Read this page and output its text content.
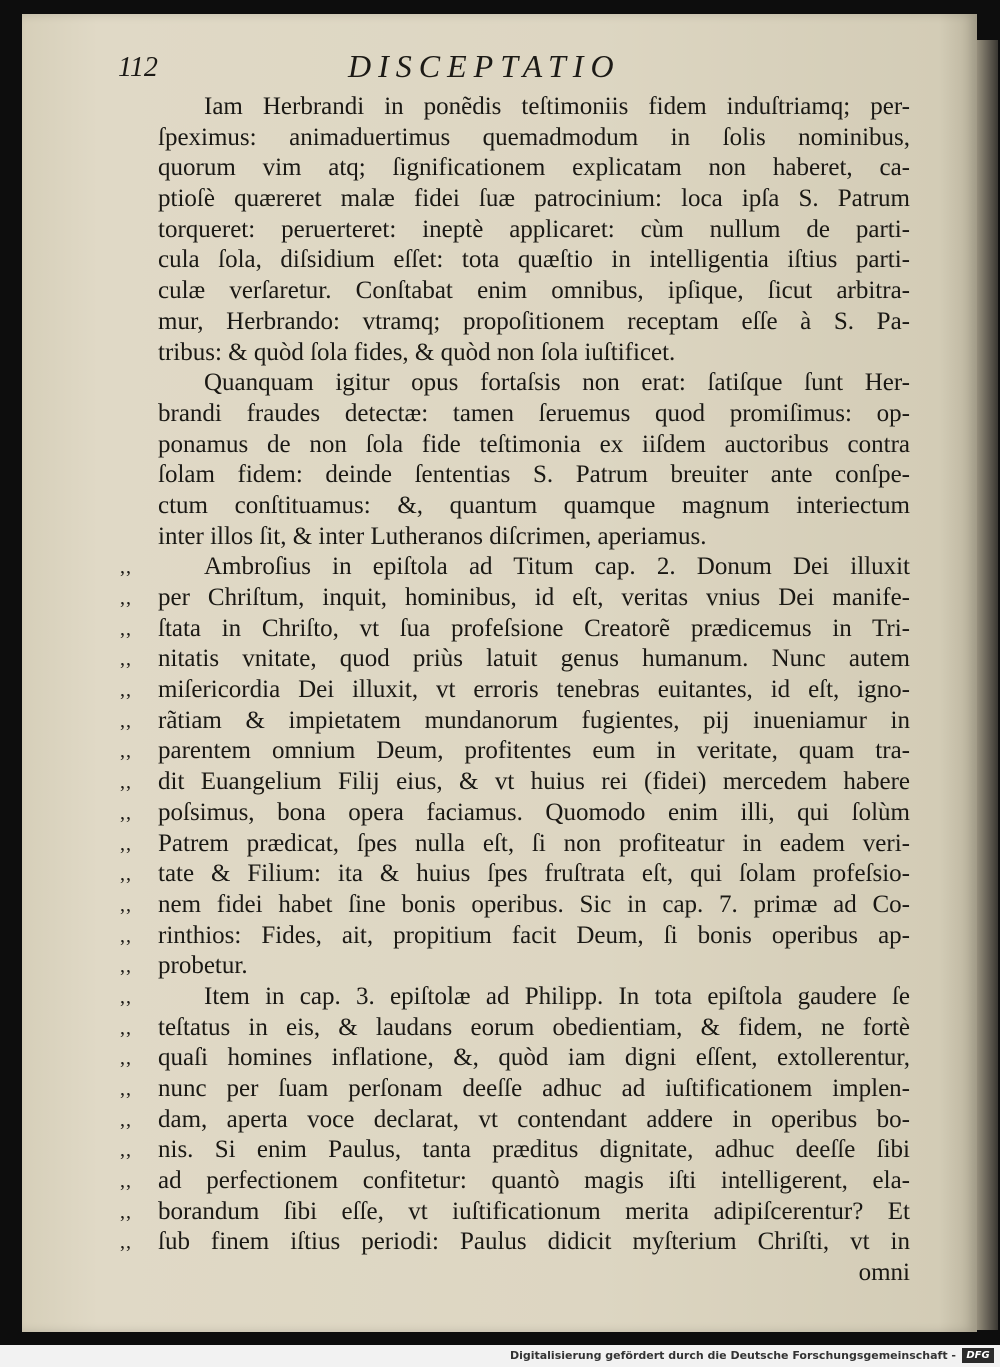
112	DISCEPTATIO
Iam Herbrandi in ponẽdis teſtimoniis fidem induſtriamq; per-
ſpeximus: animaduertimus quemadmodum in ſolis nominibus,
quorum vim atq; ſignificationem explicatam non haberet, ca-
ptioſè quæreret malæ fidei ſuæ patrocinium: loca ipſa S. Patrum
torqueret: peruerteret: ineptè applicaret: cùm nullum de parti-
cula ſola, diſsidium eſſet: tota quæſtio in intelligentia iſtius parti-
culæ verſaretur. Conſtabat enim omnibus, ipſique, ſicut arbitra-
mur, Herbrando: vtramq; propoſitionem receptam eſſe à S. Pa-
tribus: & quòd ſola fides, & quòd non ſola iuſtificet.
Quanquam igitur opus fortaſsis non erat: ſatiſque ſunt Her-
brandi fraudes detectæ: tamen ſeruemus quod promiſimus: op-
ponamus de non ſola fide teſtimonia ex iiſdem auctoribus contra
ſolam fidem: deinde ſententias S. Patrum breuiter ante conſpe-
ctum conſtituamus: &, quantum quamque magnum interiectum
inter illos ſit, & inter Lutheranos diſcrimen, aperiamus.
,,	Ambroſius in epiſtola ad Titum cap. 2. Donum Dei illuxit
,,	per Chriſtum, inquit, hominibus, id eſt, veritas vnius Dei manife-
,,	ſtata in Chriſto, vt ſua profeſsione Creatorẽ prædicemus in Tri-
,,	nitatis vnitate, quod priùs latuit genus humanum. Nunc autem
,,	miſericordia Dei illuxit, vt erroris tenebras euitantes, id eſt, igno-
,,	rãtiam & impietatem mundanorum fugientes, pij inueniamur in
,,	parentem omnium Deum, profitentes eum in veritate, quam tra-
,,	dit Euangelium Filij eius, & vt huius rei (fidei) mercedem habere
,,	poſsimus, bona opera faciamus. Quomodo enim illi, qui ſolùm
,,	Patrem prædicat, ſpes nulla eſt, ſi non profiteatur in eadem veri-
,,	tate & Filium: ita & huius ſpes fruſtrata eſt, qui ſolam profeſsio-
,,	nem fidei habet ſine bonis operibus. Sic in cap. 7. primæ ad Co-
,,	rinthios: Fides, ait, propitium facit Deum, ſi bonis operibus ap-
,,	probetur.
,,	Item in cap. 3. epiſtolæ ad Philipp. In tota epiſtola gaudere ſe
,,	teſtatus in eis, & laudans eorum obedientiam, & fidem, ne fortè
,,	quaſi homines inflatione, &, quòd iam digni eſſent, extollerentur,
,,	nunc per ſuam perſonam deeſſe adhuc ad iuſtificationem implen-
,,	dam, aperta voce declarat, vt contendant addere in operibus bo-
,,	nis. Si enim Paulus, tanta præditus dignitate, adhuc deeſſe ſibi
,,	ad perfectionem confitetur: quantò magis iſti intelligerent, ela-
,,	borandum ſibi eſſe, vt iuſtificationum merita adipiſcerentur? Et
,,	ſub finem iſtius periodi: Paulus didicit myſterium Chriſti, vt in
omni
Digitalisierung gefördert durch die Deutsche Forschungsgemeinschaft -	DFG
